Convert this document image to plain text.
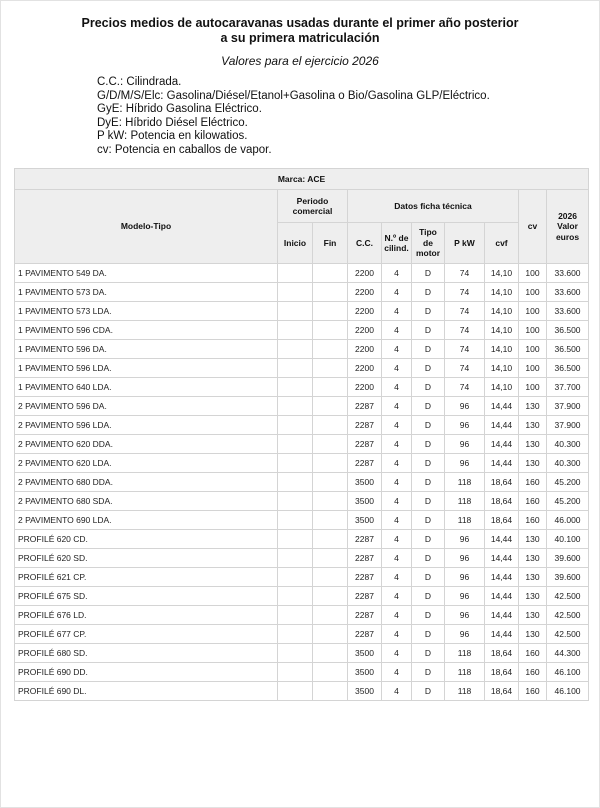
Precios medios de autocaravanas usadas durante el primer año posterior
a su primera matriculación
Valores para el ejercicio 2026
C.C.: Cilindrada.
G/D/M/S/Elc: Gasolina/Diésel/Etanol+Gasolina o Bio/Gasolina GLP/Eléctrico.
GyE: Híbrido Gasolina Eléctrico.
DyE: Híbrido Diésel Eléctrico.
P kW: Potencia en kilowatios.
cv: Potencia en caballos de vapor.
Marca: ACE									
Modelo-Tipo	Periodo comercial		Datos ficha técnica					cv	2026 Valor euros
	Inicio	Fin	C.C.	N.º de cilind.	Tipo de motor	P kW	cvf		
1 PAVIMENTO 549 DA.			2200	4	D	74	14,10	100	33.600
1 PAVIMENTO 573 DA.			2200	4	D	74	14,10	100	33.600
1 PAVIMENTO 573 LDA.			2200	4	D	74	14,10	100	33.600
1 PAVIMENTO 596 CDA.			2200	4	D	74	14,10	100	36.500
1 PAVIMENTO 596 DA.			2200	4	D	74	14,10	100	36.500
1 PAVIMENTO 596 LDA.			2200	4	D	74	14,10	100	36.500
1 PAVIMENTO 640 LDA.			2200	4	D	74	14,10	100	37.700
2 PAVIMENTO 596 DA.			2287	4	D	96	14,44	130	37.900
2 PAVIMENTO 596 LDA.			2287	4	D	96	14,44	130	37.900
2 PAVIMENTO 620 DDA.			2287	4	D	96	14,44	130	40.300
2 PAVIMENTO 620 LDA.			2287	4	D	96	14,44	130	40.300
2 PAVIMENTO 680 DDA.			3500	4	D	118	18,64	160	45.200
2 PAVIMENTO 680 SDA.			3500	4	D	118	18,64	160	45.200
2 PAVIMENTO 690 LDA.			3500	4	D	118	18,64	160	46.000
PROFILÉ 620 CD.			2287	4	D	96	14,44	130	40.100
PROFILÉ 620 SD.			2287	4	D	96	14,44	130	39.600
PROFILÉ 621 CP.			2287	4	D	96	14,44	130	39.600
PROFILÉ 675 SD.			2287	4	D	96	14,44	130	42.500
PROFILÉ 676 LD.			2287	4	D	96	14,44	130	42.500
PROFILÉ 677 CP.			2287	4	D	96	14,44	130	42.500
PROFILÉ 680 SD.			3500	4	D	118	18,64	160	44.300
PROFILÉ 690 DD.			3500	4	D	118	18,64	160	46.100
PROFILÉ 690 DL.			3500	4	D	118	18,64	160	46.100
